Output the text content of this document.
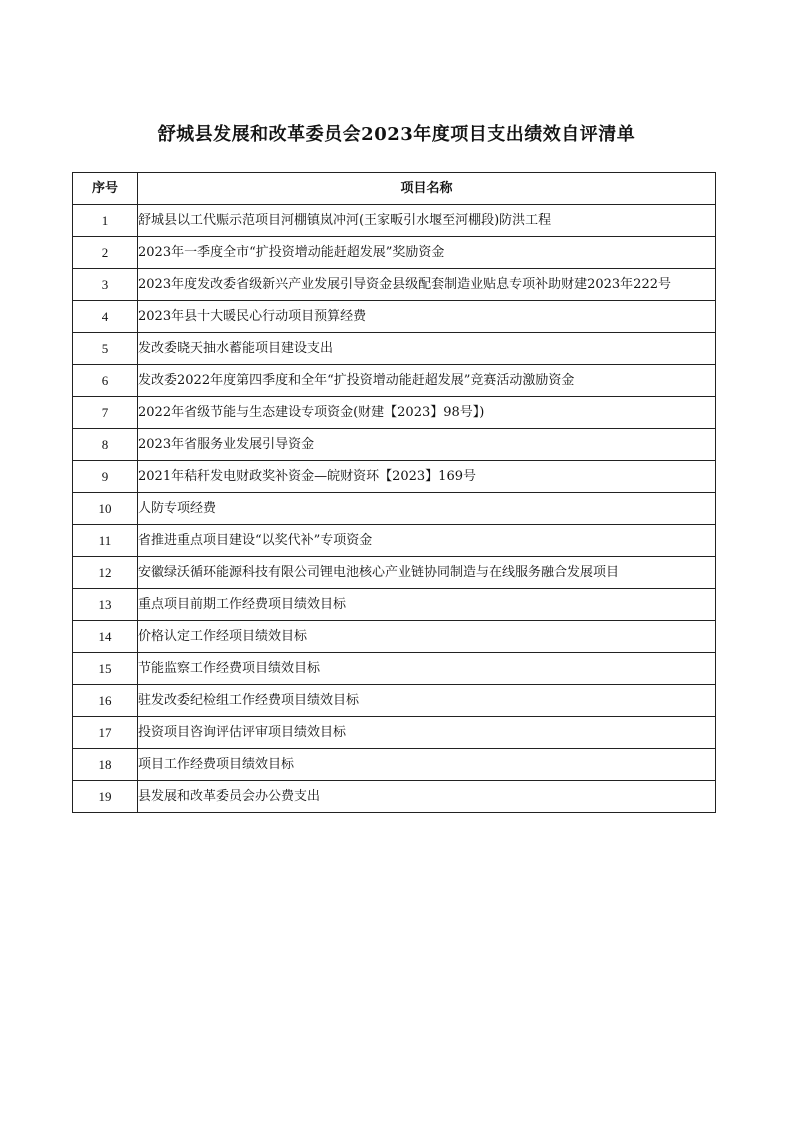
舒城县发展和改革委员会2023年度项目支出绩效自评清单
序号	项目名称
1	舒城县以工代赈示范项目河棚镇岚冲河(王家畈引水堰至河棚段)防洪工程
2	2023年一季度全市“扩投资增动能赶超发展”奖励资金
3	2023年度发改委省级新兴产业发展引导资金县级配套制造业贴息专项补助财建2023年222号
4	2023年县十大暖民心行动项目预算经费
5	发改委晓天抽水蓄能项目建设支出
6	发改委2022年度第四季度和全年“扩投资增动能赶超发展”竞赛活动激励资金
7	2022年省级节能与生态建设专项资金(财建【2023】98号】)
8	2023年省服务业发展引导资金
9	2021年秸秆发电财政奖补资金—皖财资环【2023】169号
10	人防专项经费
11	省推进重点项目建设“以奖代补”专项资金
12	安徽绿沃循环能源科技有限公司锂电池核心产业链协同制造与在线服务融合发展项目
13	重点项目前期工作经费项目绩效目标
14	价格认定工作经项目绩效目标
15	节能监察工作经费项目绩效目标
16	驻发改委纪检组工作经费项目绩效目标
17	投资项目咨询评估评审项目绩效目标
18	项目工作经费项目绩效目标
19	县发展和改革委员会办公费支出
